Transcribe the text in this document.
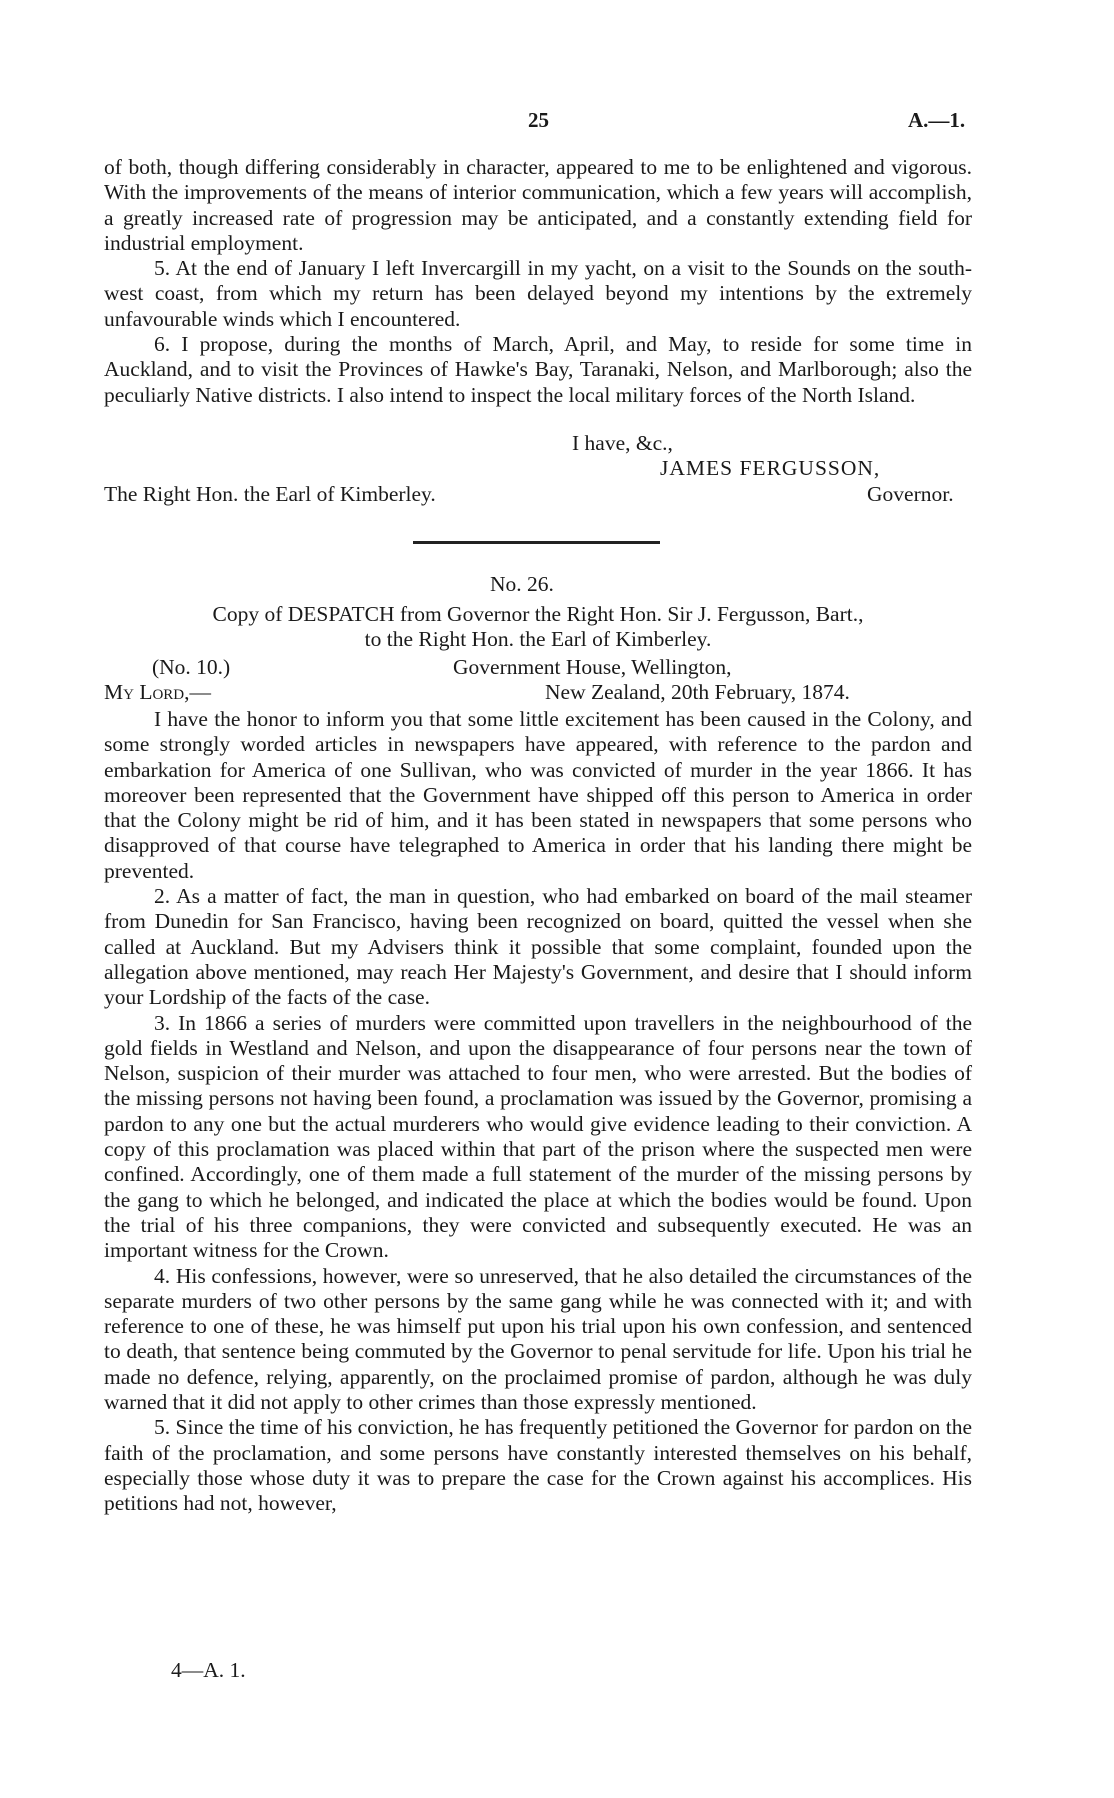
25	A.—1.

of both, though differing considerably in character, appeared to me to be enlightened and vigorous. With the improvements of the means of interior communication, which a few years will accomplish, a greatly increased rate of progression may be anticipated, and a constantly extending field for industrial employment.

5. At the end of January I left Invercargill in my yacht, on a visit to the Sounds on the south-west coast, from which my return has been delayed beyond my intentions by the extremely unfavourable winds which I encountered.

6. I propose, during the months of March, April, and May, to reside for some time in Auckland, and to visit the Provinces of Hawke's Bay, Taranaki, Nelson, and Marlborough; also the peculiarly Native districts. I also intend to inspect the local military forces of the North Island.

I have, &c.,
JAMES FERGUSSON,
The Right Hon. the Earl of Kimberley.	Governor.
No. 26.
Copy of DESPATCH from Governor the Right Hon. Sir J. Fergusson, Bart.,
to the Right Hon. the Earl of Kimberley.
(No. 10.)	Government House, Wellington,
My Lord,—	New Zealand, 20th February, 1874.

I have the honor to inform you that some little excitement has been caused in the Colony, and some strongly worded articles in newspapers have appeared, with reference to the pardon and embarkation for America of one Sullivan, who was convicted of murder in the year 1866. It has moreover been represented that the Government have shipped off this person to America in order that the Colony might be rid of him, and it has been stated in newspapers that some persons who disapproved of that course have telegraphed to America in order that his landing there might be prevented.

2. As a matter of fact, the man in question, who had embarked on board of the mail steamer from Dunedin for San Francisco, having been recognized on board, quitted the vessel when she called at Auckland. But my Advisers think it possible that some complaint, founded upon the allegation above mentioned, may reach Her Majesty's Government, and desire that I should inform your Lordship of the facts of the case.

3. In 1866 a series of murders were committed upon travellers in the neighbourhood of the gold fields in Westland and Nelson, and upon the disappearance of four persons near the town of Nelson, suspicion of their murder was attached to four men, who were arrested. But the bodies of the missing persons not having been found, a proclamation was issued by the Governor, promising a pardon to any one but the actual murderers who would give evidence leading to their conviction. A copy of this proclamation was placed within that part of the prison where the suspected men were confined. Accordingly, one of them made a full statement of the murder of the missing persons by the gang to which he belonged, and indicated the place at which the bodies would be found. Upon the trial of his three companions, they were convicted and subsequently executed. He was an important witness for the Crown.

4. His confessions, however, were so unreserved, that he also detailed the circumstances of the separate murders of two other persons by the same gang while he was connected with it; and with reference to one of these, he was himself put upon his trial upon his own confession, and sentenced to death, that sentence being commuted by the Governor to penal servitude for life. Upon his trial he made no defence, relying, apparently, on the proclaimed promise of pardon, although he was duly warned that it did not apply to other crimes than those expressly mentioned.

5. Since the time of his conviction, he has frequently petitioned the Governor for pardon on the faith of the proclamation, and some persons have constantly interested themselves on his behalf, especially those whose duty it was to prepare the case for the Crown against his accomplices. His petitions had not, however,

4—A. 1.
